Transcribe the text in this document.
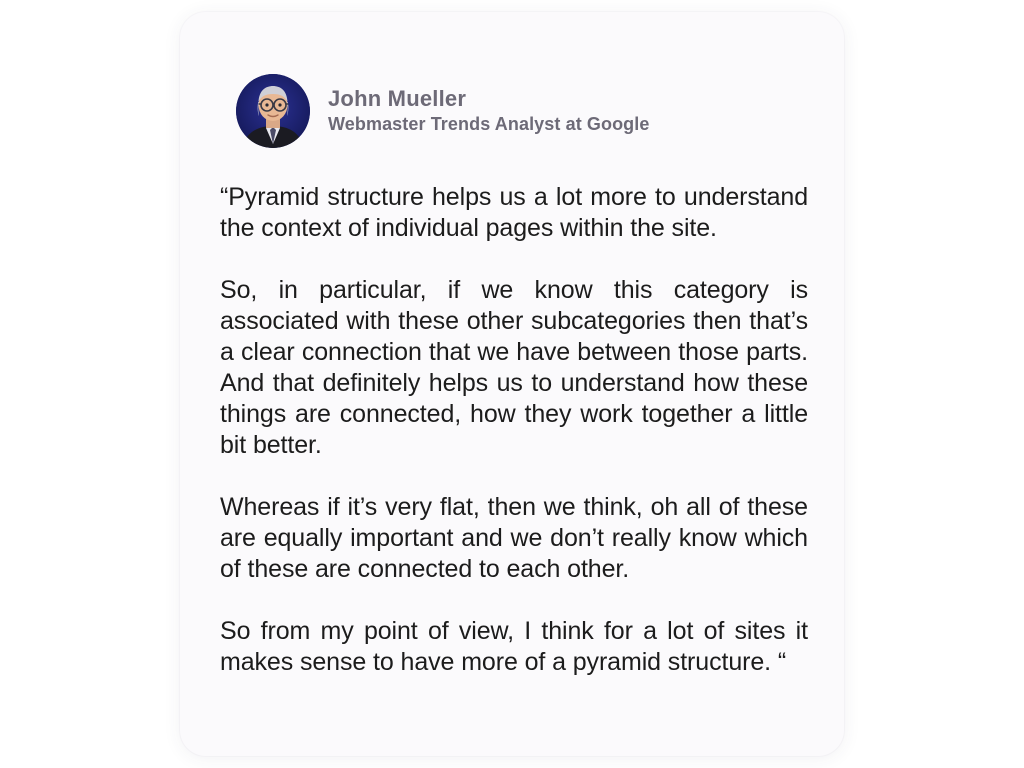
John Mueller
Webmaster Trends Analyst at Google

“Pyramid structure helps us a lot more to understand the context of individual pages within the site.

So, in particular, if we know this category is associated with these other subcategories then that’s a clear connection that we have between those parts. And that definitely helps us to understand how these things are connected, how they work together a little bit better.

Whereas if it’s very flat, then we think, oh all of these are equally important and we don’t really know which of these are connected to each other.

So from my point of view, I think for a lot of sites it makes sense to have more of a pyramid structure. “
